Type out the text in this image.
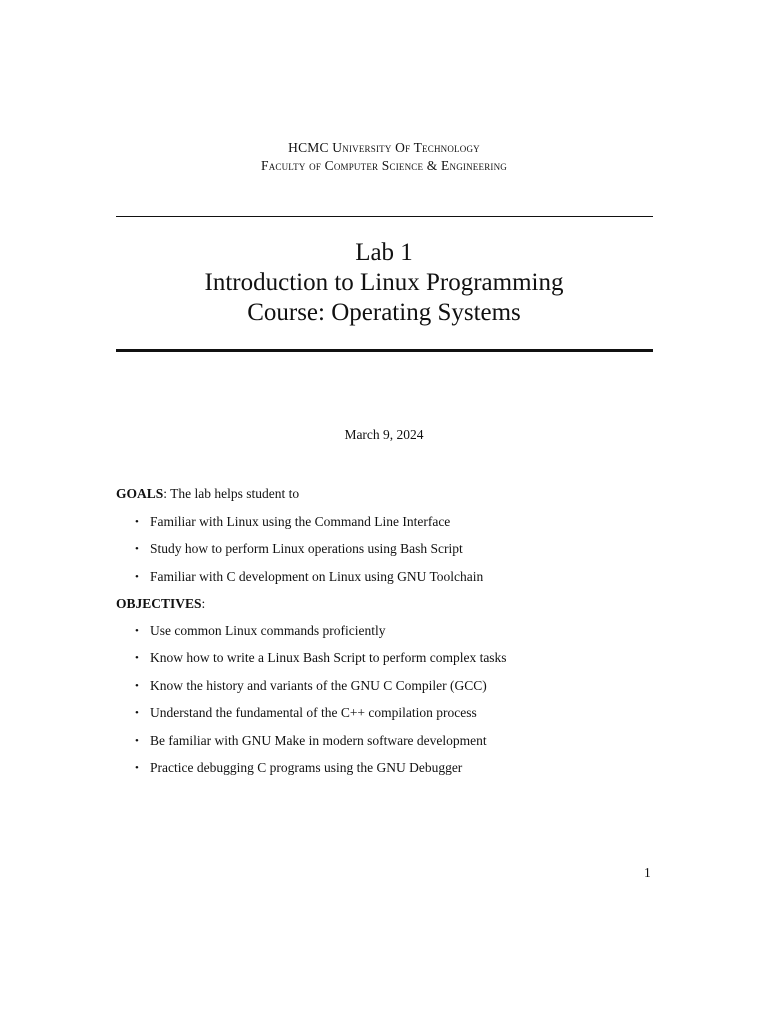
HCMC University Of Technology
Faculty of Computer Science & Engineering
Lab 1
Introduction to Linux Programming
Course: Operating Systems
March 9, 2024
GOALS: The lab helps student to
• Familiar with Linux using the Command Line Interface
• Study how to perform Linux operations using Bash Script
• Familiar with C development on Linux using GNU Toolchain
OBJECTIVES:
• Use common Linux commands proficiently
• Know how to write a Linux Bash Script to perform complex tasks
• Know the history and variants of the GNU C Compiler (GCC)
• Understand the fundamental of the C++ compilation process
• Be familiar with GNU Make in modern software development
• Practice debugging C programs using the GNU Debugger
1
